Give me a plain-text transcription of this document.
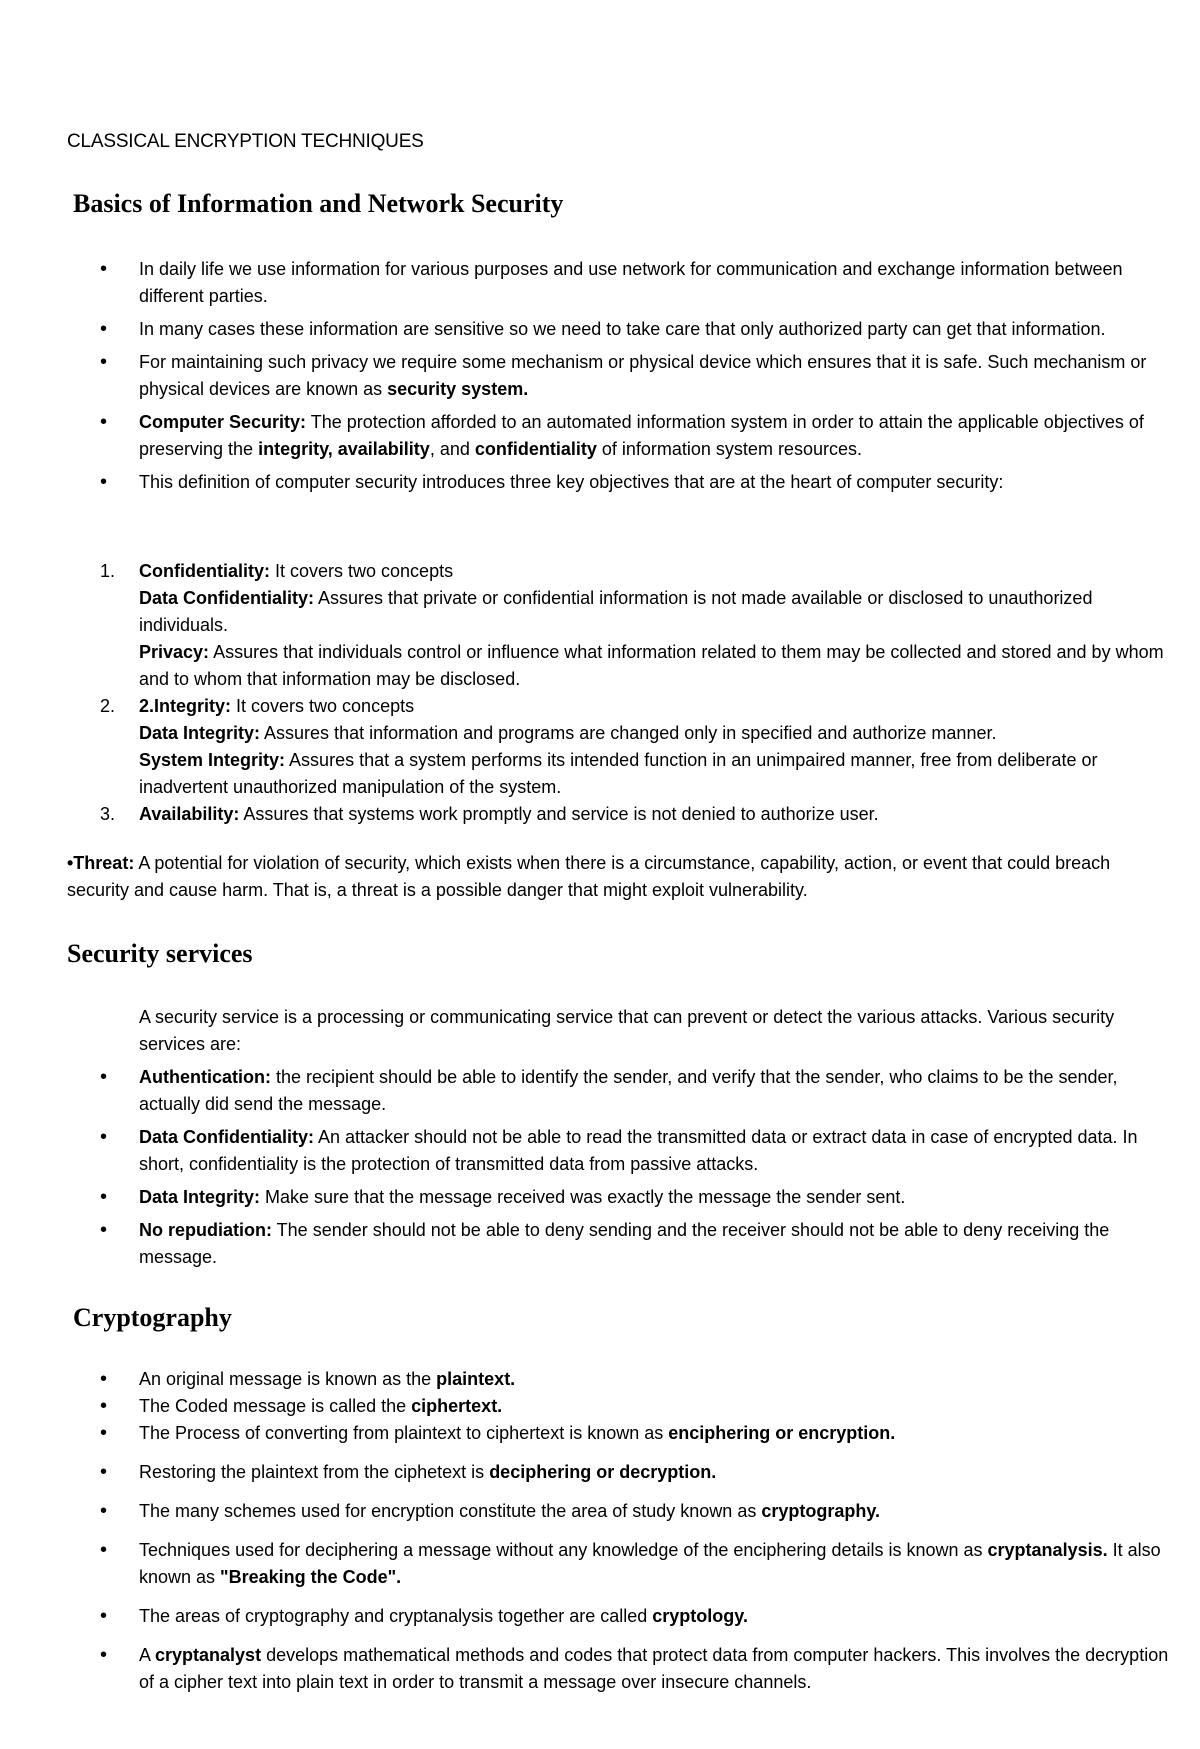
CLASSICAL ENCRYPTION TECHNIQUES
Basics of Information and Network Security
• In daily life we use information for various purposes and use network for communication and exchange information between different parties.
• In many cases these information are sensitive so we need to take care that only authorized party can get that information.
• For maintaining such privacy we require some mechanism or physical device which ensures that it is safe. Such mechanism or physical devices are known as security system.
• Computer Security: The protection afforded to an automated information system in order to attain the applicable objectives of preserving the integrity, availability, and confidentiality of information system resources.
• This definition of computer security introduces three key objectives that are at the heart of computer security:
1. Confidentiality: It covers two concepts
Data Confidentiality: Assures that private or confidential information is not made available or disclosed to unauthorized individuals.
Privacy: Assures that individuals control or influence what information related to them may be collected and stored and by whom and to whom that information may be disclosed.
2. 2.Integrity: It covers two concepts
Data Integrity: Assures that information and programs are changed only in specified and authorize manner.
System Integrity: Assures that a system performs its intended function in an unimpaired manner, free from deliberate or inadvertent unauthorized manipulation of the system.
3. Availability: Assures that systems work promptly and service is not denied to authorize user.
•Threat: A potential for violation of security, which exists when there is a circumstance, capability, action, or event that could breach security and cause harm. That is, a threat is a possible danger that might exploit vulnerability.
Security services
A security service is a processing or communicating service that can prevent or detect the various attacks. Various security services are:
• Authentication: the recipient should be able to identify the sender, and verify that the sender, who claims to be the sender, actually did send the message.
• Data Confidentiality: An attacker should not be able to read the transmitted data or extract data in case of encrypted data. In short, confidentiality is the protection of transmitted data from passive attacks.
• Data Integrity: Make sure that the message received was exactly the message the sender sent.
• No repudiation: The sender should not be able to deny sending and the receiver should not be able to deny receiving the message.
Cryptography
• An original message is known as the plaintext.
• The Coded message is called the ciphertext.
• The Process of converting from plaintext to ciphertext is known as enciphering or encryption.
• Restoring the plaintext from the ciphetext is deciphering or decryption.
• The many schemes used for encryption constitute the area of study known as cryptography.
• Techniques used for deciphering a message without any knowledge of the enciphering details is known as cryptanalysis. It also known as "Breaking the Code".
• The areas of cryptography and cryptanalysis together are called cryptology.
• A cryptanalyst develops mathematical methods and codes that protect data from computer hackers. This involves the decryption of a cipher text into plain text in order to transmit a message over insecure channels.
